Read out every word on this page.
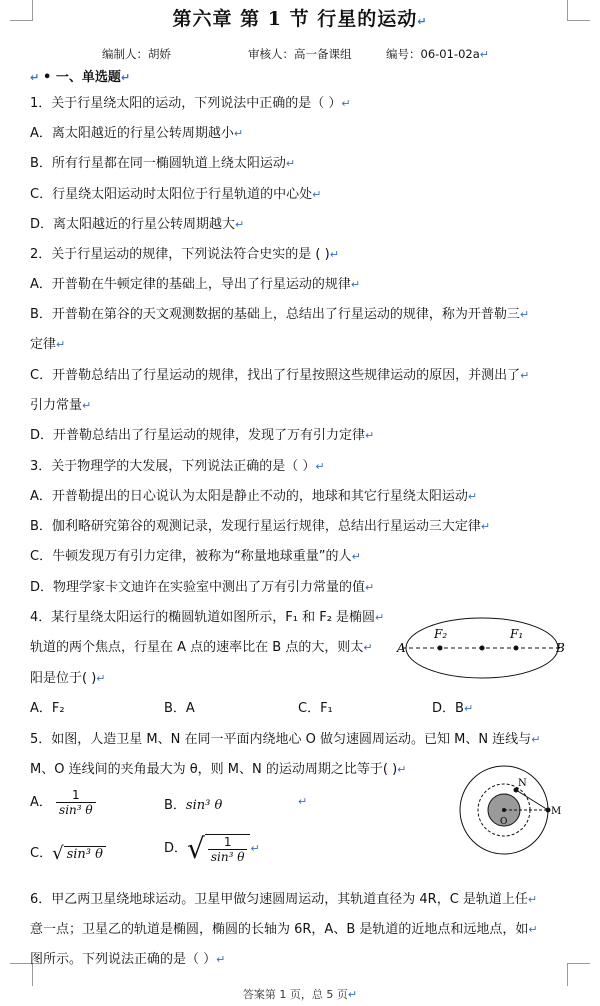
第六章 第 1 节 行星的运动↵
编制人：胡娇	审核人：高一备课组	编号：06-01-02a↵
↵ • 一、单选题↵
1．关于行星绕太阳的运动，下列说法中正确的是（ ）↵
A．离太阳越近的行星公转周期越小↵
B．所有行星都在同一椭圆轨道上绕太阳运动↵
C．行星绕太阳运动时太阳位于行星轨道的中心处↵
D．离太阳越近的行星公转周期越大↵
2．关于行星运动的规律，下列说法符合史实的是 ( )↵
A．开普勒在牛顿定律的基础上，导出了行星运动的规律↵
B．开普勒在第谷的天文观测数据的基础上，总结出了行星运动的规律，称为开普勒三↵
定律↵
C．开普勒总结出了行星运动的规律，找出了行星按照这些规律运动的原因，并测出了↵
引力常量↵
D．开普勒总结出了行星运动的规律，发现了万有引力定律↵
3．关于物理学的大发展，下列说法正确的是（ ）↵
A．开普勒提出的日心说认为太阳是静止不动的，地球和其它行星绕太阳运动↵
B．伽利略研究第谷的观测记录，发现行星运行规律，总结出行星运动三大定律↵
C．牛顿发现万有引力定律，被称为“称量地球重量”的人↵
D．物理学家卡文迪许在实验室中测出了万有引力常量的值↵
4．某行星绕太阳运行的椭圆轨道如图所示，F₁ 和 F₂ 是椭圆↵
轨道的两个焦点，行星在 A 点的速率比在 B 点的大，则太↵
阳是位于( )↵
5．如图，人造卫星 M、N 在同一平面内绕地心 O 做匀速圆周运动。已知 M、N 连线与↵
M、O 连线间的夹角最大为 θ，则 M、N 的运动周期之比等于( )↵
6．甲乙两卫星绕地球运动。卫星甲做匀速圆周运动，其轨道直径为 4R，C 是轨道上任↵
意一点；卫星乙的轨道是椭圆，椭圆的长轴为 6R，A、B 是轨道的近地点和远地点，如↵
图所示。下列说法正确的是（ ）↵
A．F₂	B．A	C．F₁	D．B↵
A	B
F₂	F₁
A． $\frac{1}{\text{sin³ θ}}$	B．sin³ θ	↵
C．√ sin³ θ	D．√ $\frac{1}{\text{sin³ θ}}$ ↵
N
M
O
答案第 1 页，总 5 页↵
